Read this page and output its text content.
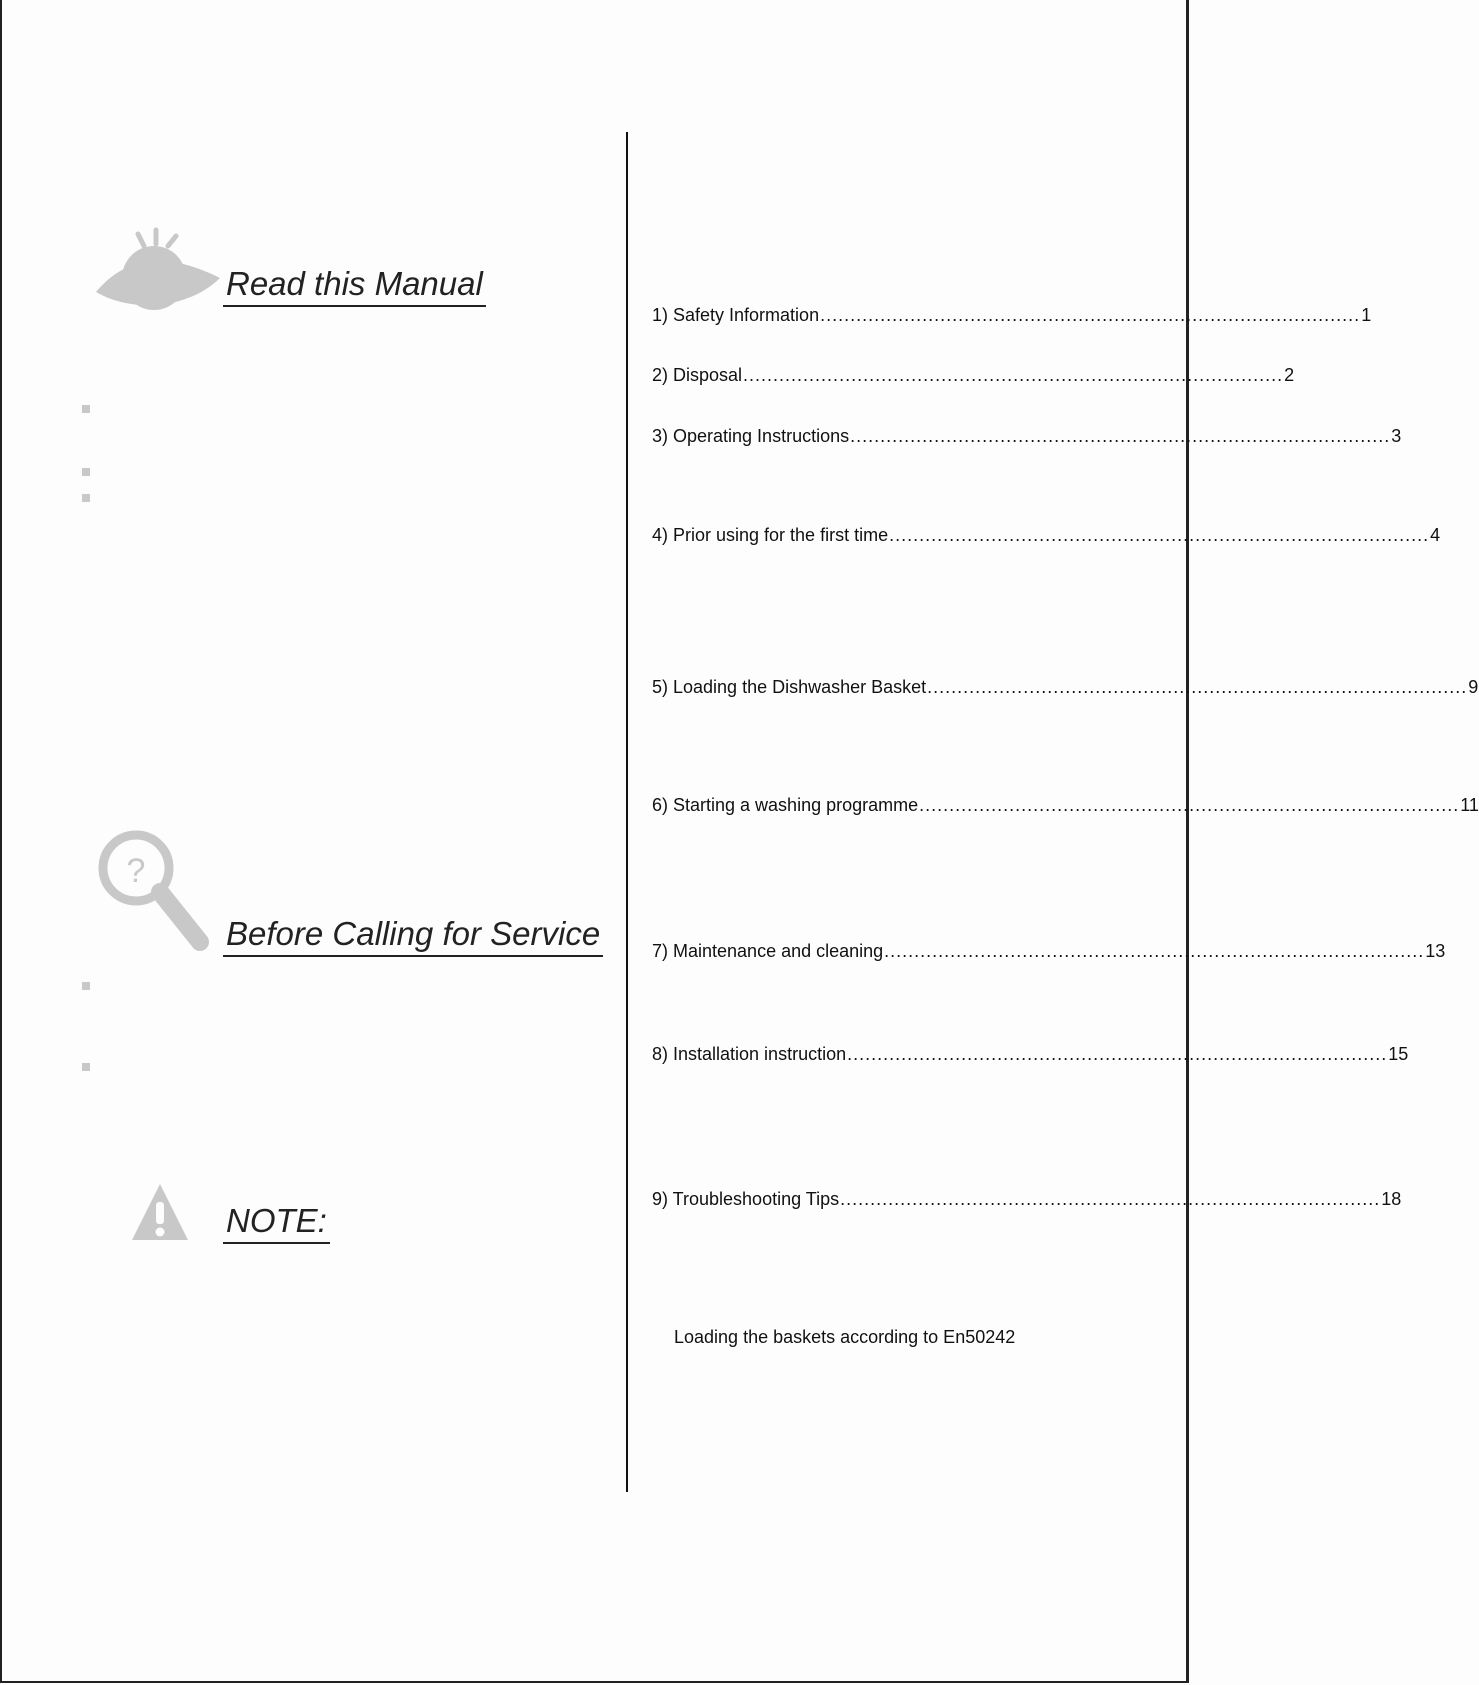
Read this Manual
?
Before Calling for Service
NOTE:
1) Safety Information .......................................................................................... 1
2) Disposal .......................................................................................... 2
3) Operating Instructions .......................................................................................... 3
4) Prior using for the first time .......................................................................................... 4
5) Loading the Dishwasher Basket .......................................................................................... 9
6) Starting a washing programme .......................................................................................... 11
7) Maintenance and cleaning .......................................................................................... 13
8) Installation instruction .......................................................................................... 15
9) Troubleshooting Tips .......................................................................................... 18
Loading the baskets according to En50242
